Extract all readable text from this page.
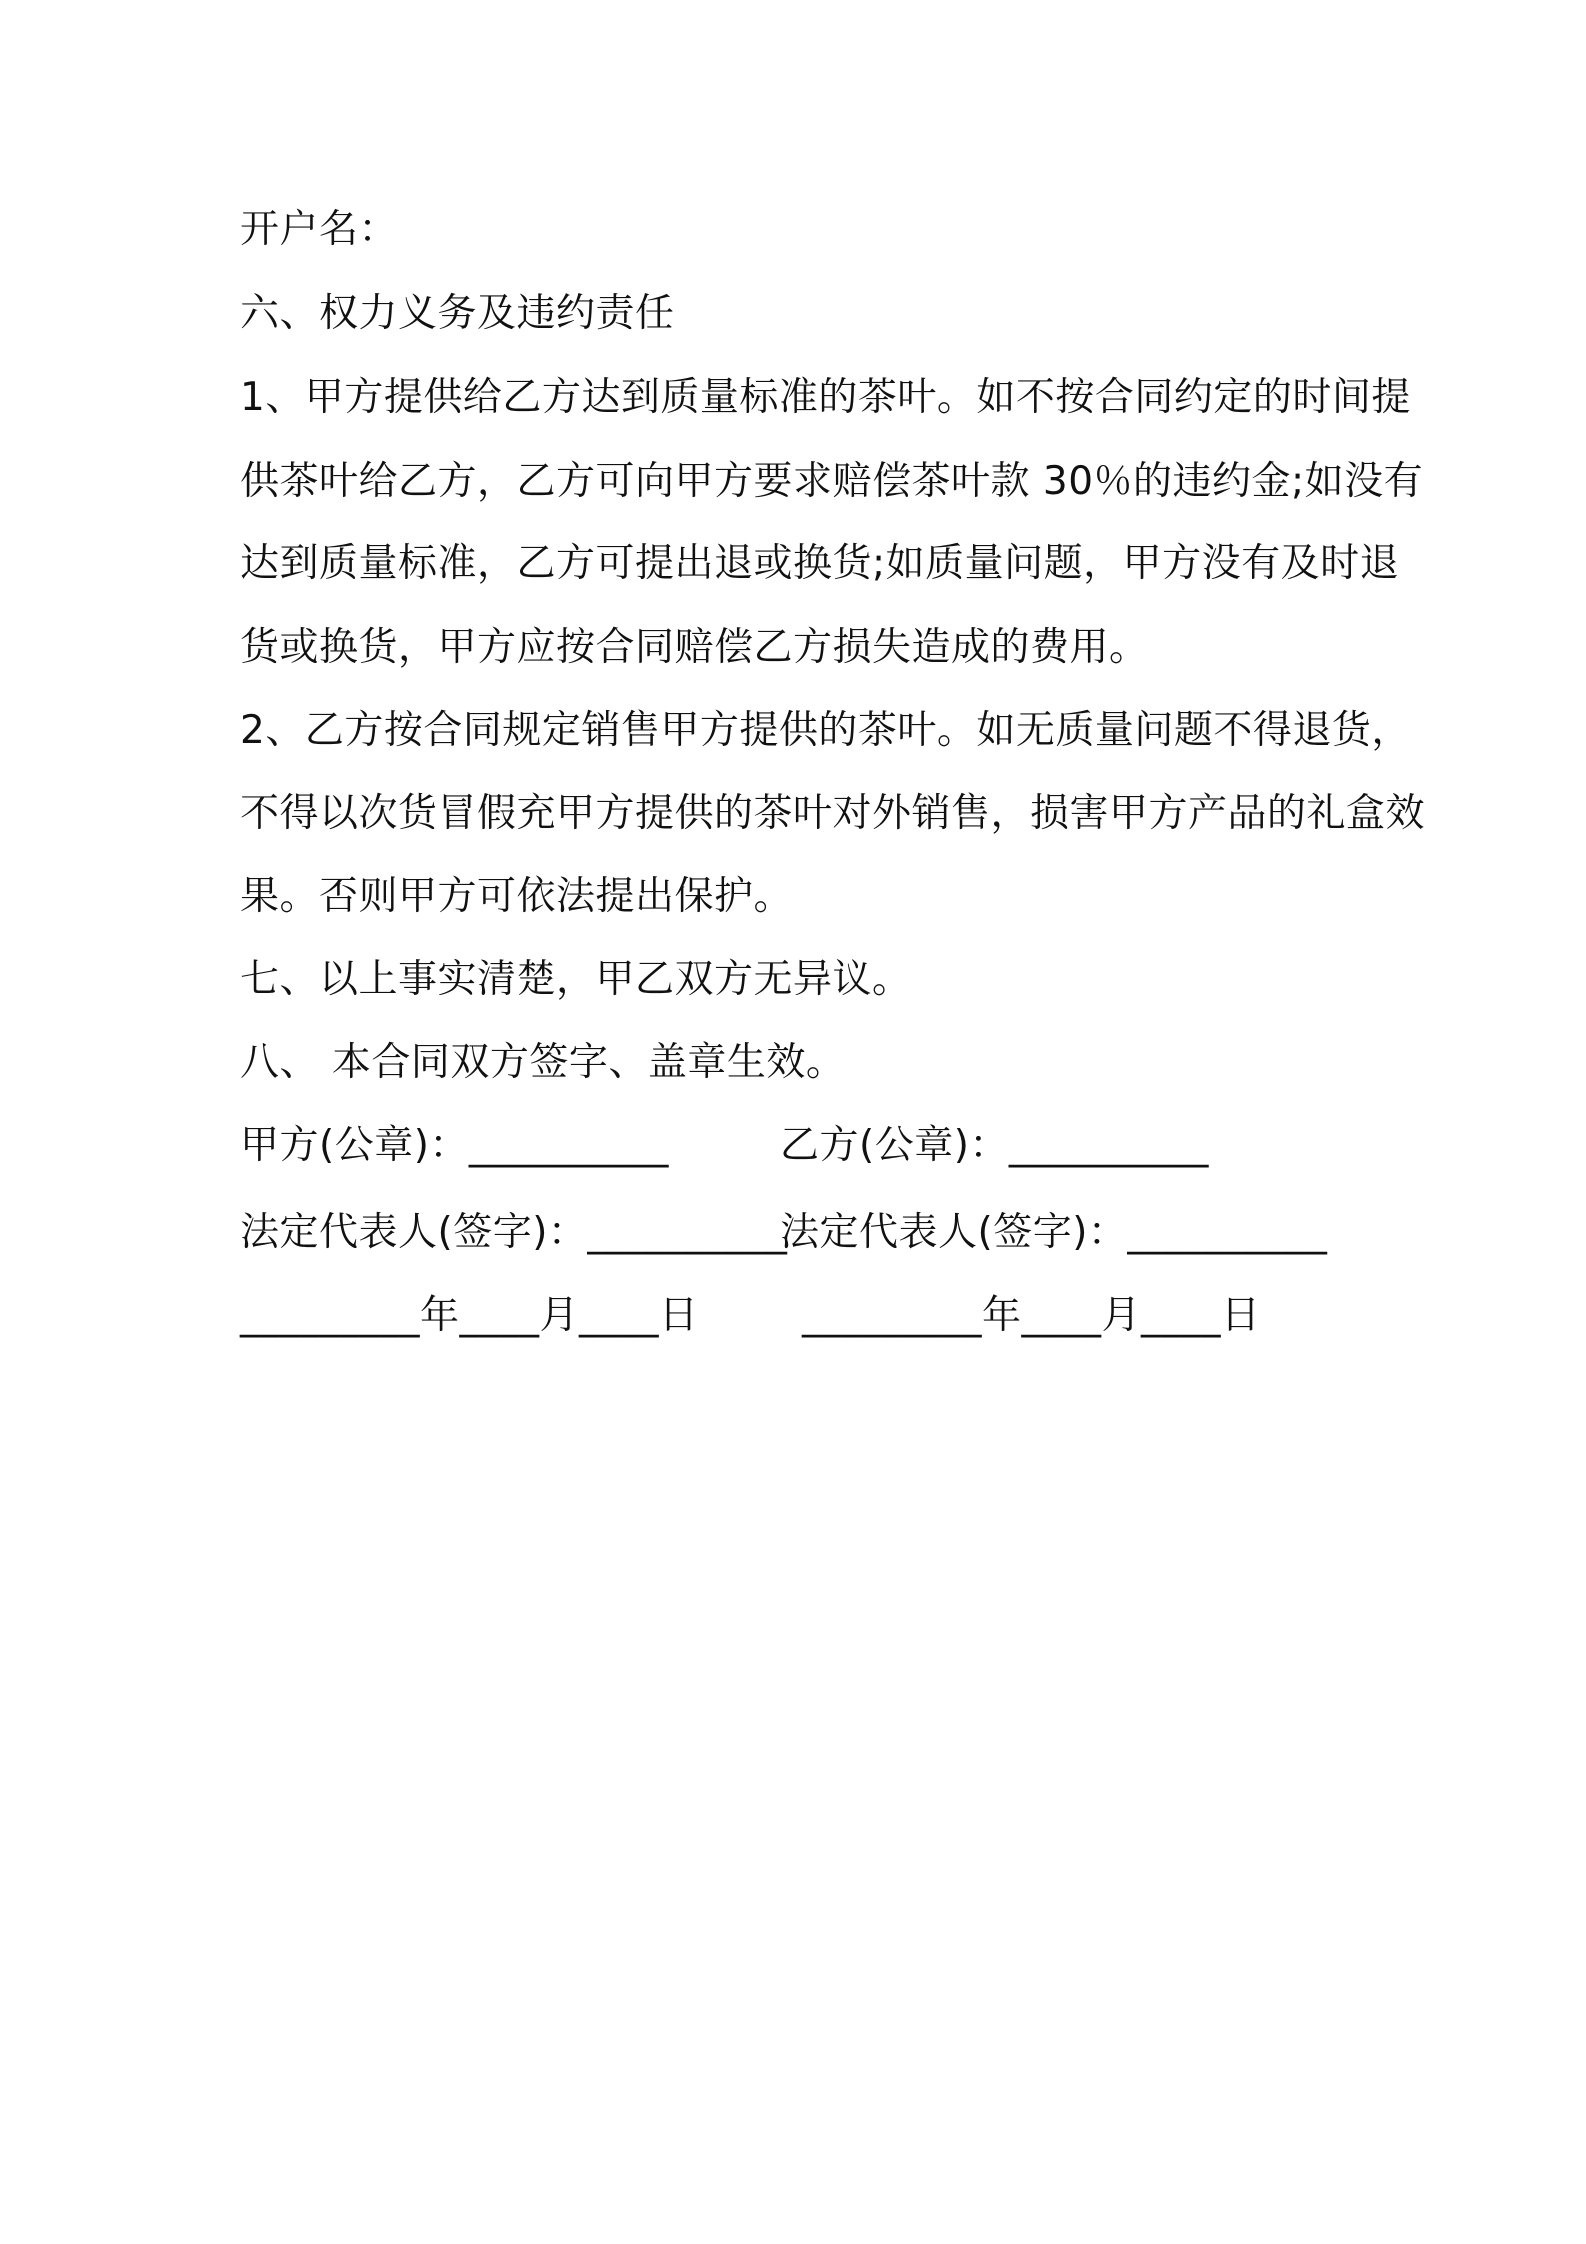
开户名：
六、权力义务及违约责任
1、甲方提供给乙方达到质量标准的茶叶。如不按合同约定的时间提
供茶叶给乙方，乙方可向甲方要求赔偿茶叶款 30％的违约金;如没有
达到质量标准，乙方可提出退或换货;如质量问题，甲方没有及时退
货或换货，甲方应按合同赔偿乙方损失造成的费用。
2、乙方按合同规定销售甲方提供的茶叶。如无质量问题不得退货，
不得以次货冒假充甲方提供的茶叶对外销售，损害甲方产品的礼盒效
果。否则甲方可依法提出保护。
七、以上事实清楚，甲乙双方无异议。
八、 本合同双方签字、盖章生效。
甲方(公章)：__________	乙方(公章)：__________
法定代表人(签字)：__________
法定代表人(签字)：__________
_________年____月____日	_________年____月____日
